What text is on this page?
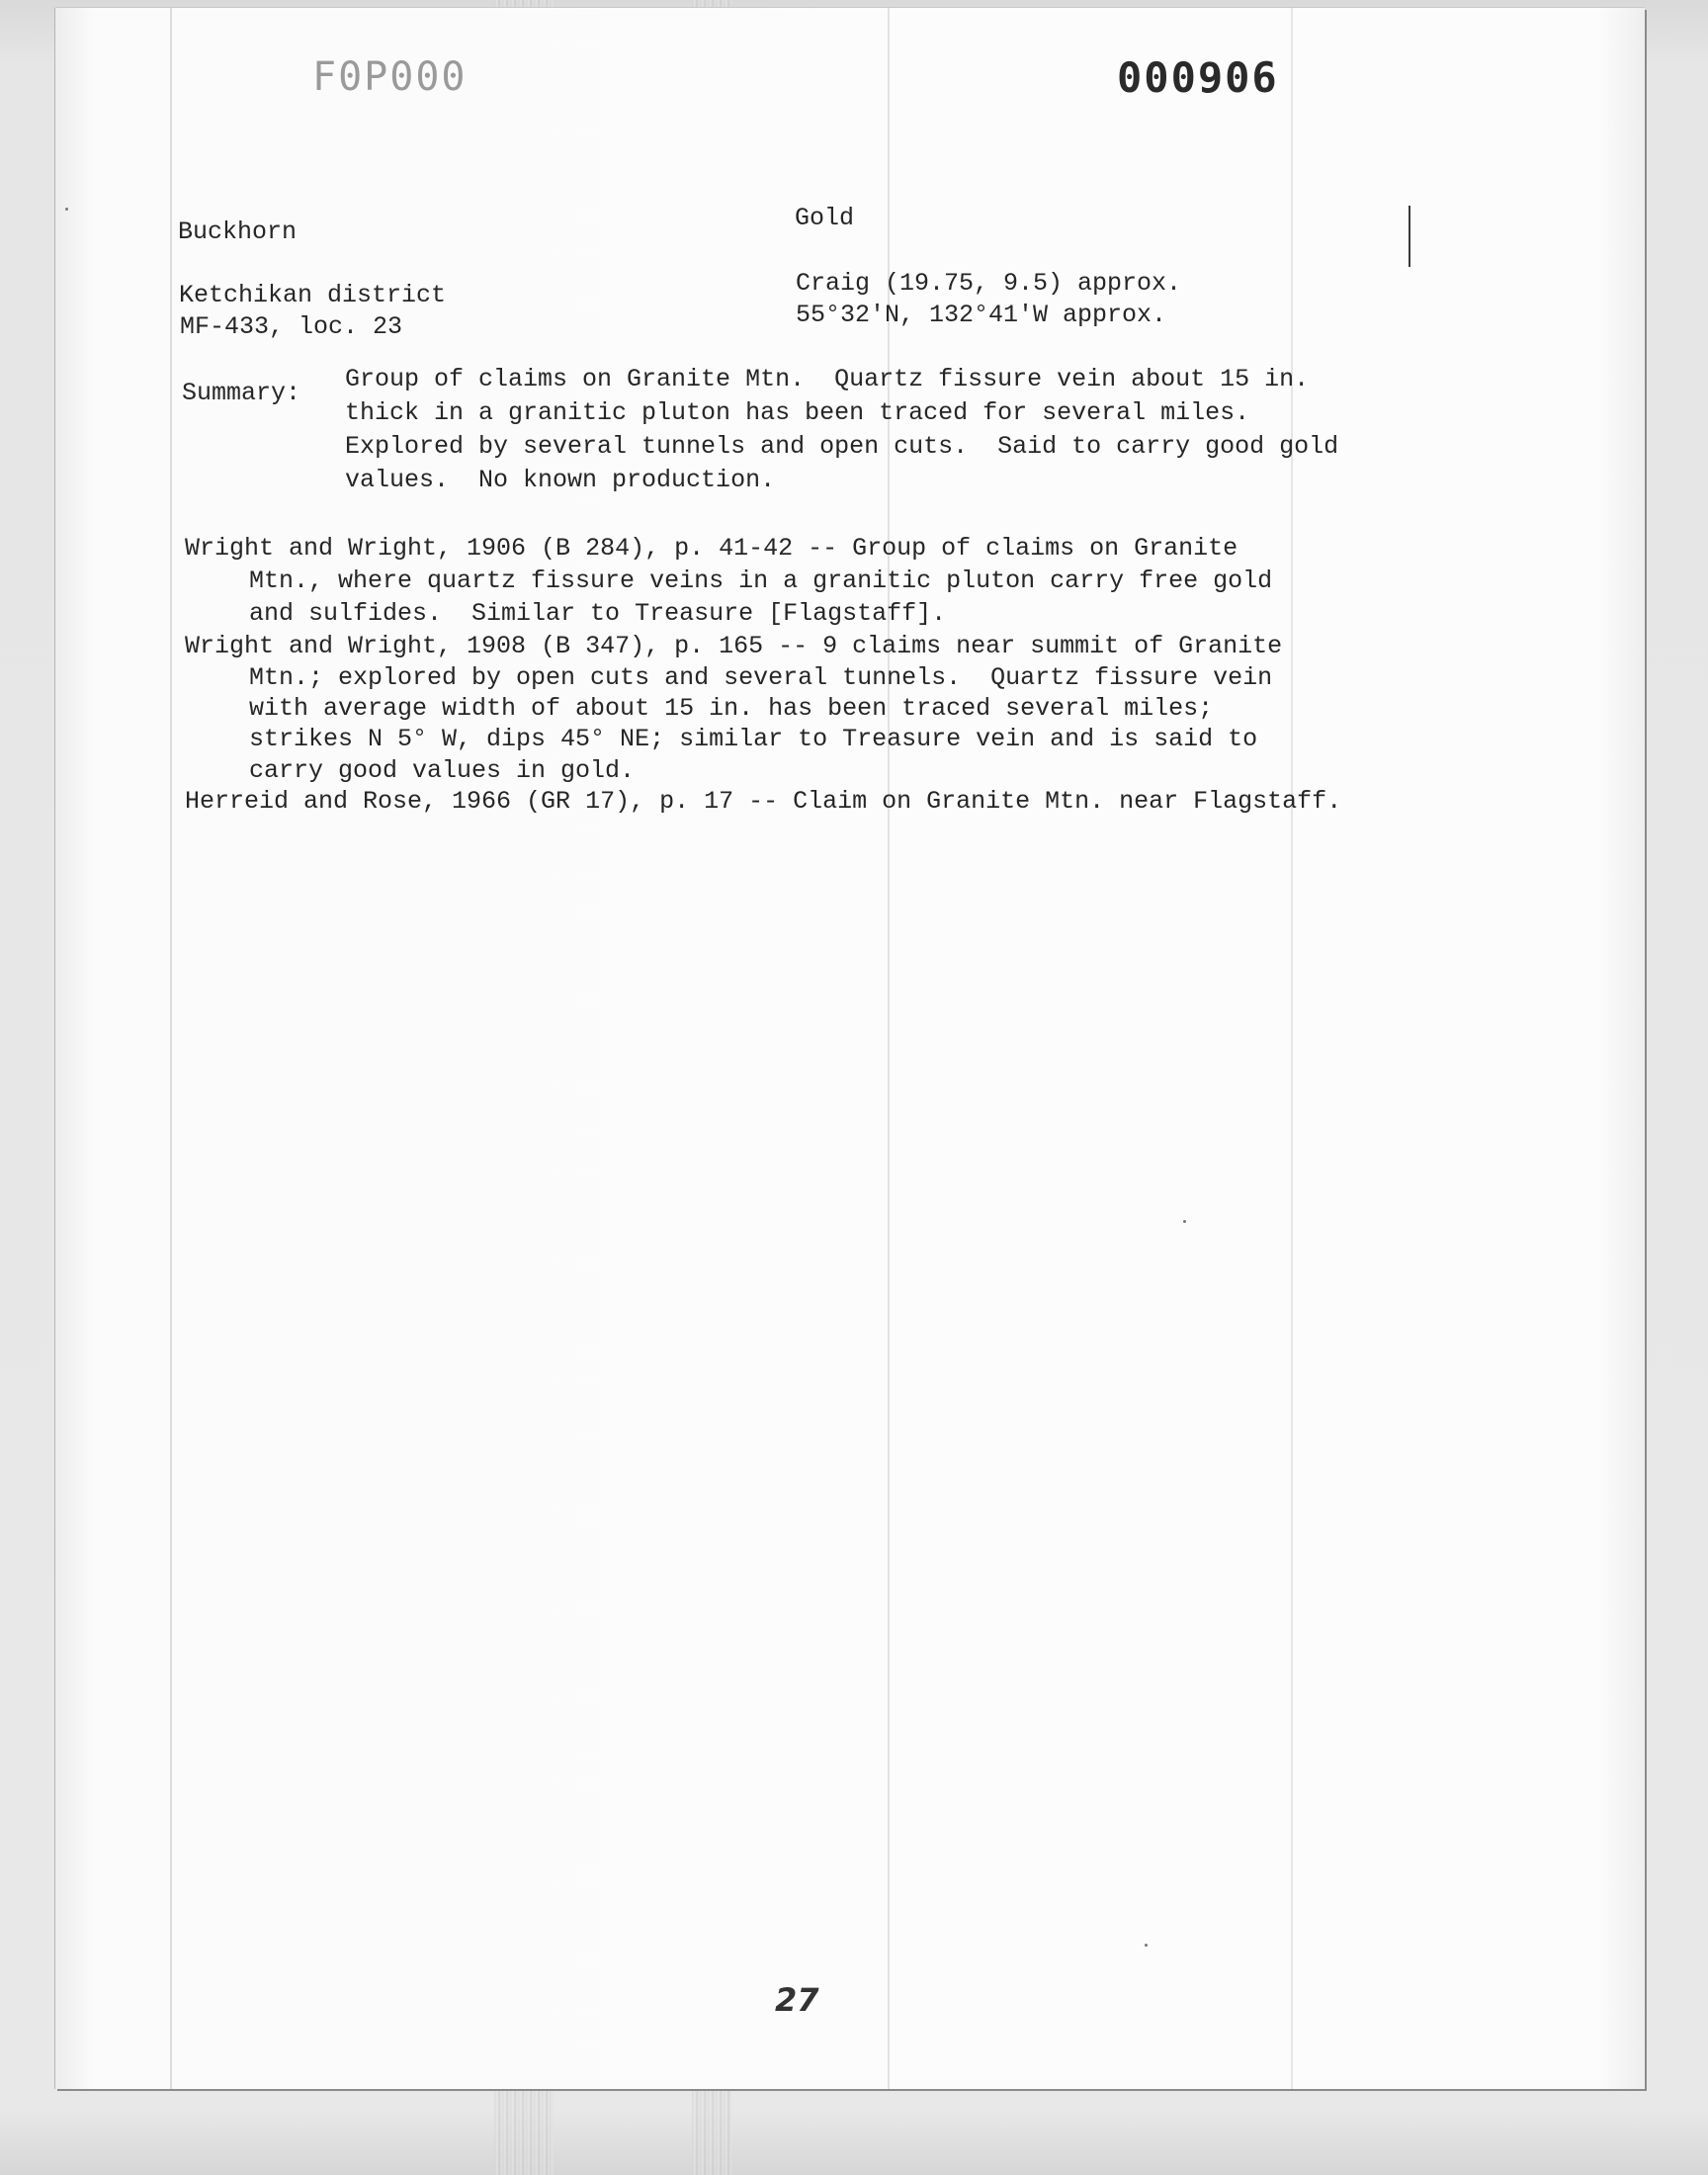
F0P000	000906
Buckhorn	Gold
Ketchikan district
MF-433, loc. 23
Craig (19.75, 9.5) approx.
55°32'N, 132°41'W approx.
Summary: Group of claims on Granite Mtn.  Quartz fissure vein about 15 in.
thick in a granitic pluton has been traced for several miles.
Explored by several tunnels and open cuts.  Said to carry good gold
values.  No known production.
Wright and Wright, 1906 (B 284), p. 41-42 -- Group of claims on Granite
Mtn., where quartz fissure veins in a granitic pluton carry free gold
and sulfides.  Similar to Treasure [Flagstaff].
Wright and Wright, 1908 (B 347), p. 165 -- 9 claims near summit of Granite
Mtn.; explored by open cuts and several tunnels.  Quartz fissure vein
with average width of about 15 in. has been traced several miles;
strikes N 5° W, dips 45° NE; similar to Treasure vein and is said to
carry good values in gold.
Herreid and Rose, 1966 (GR 17), p. 17 -- Claim on Granite Mtn. near Flagstaff.
27
